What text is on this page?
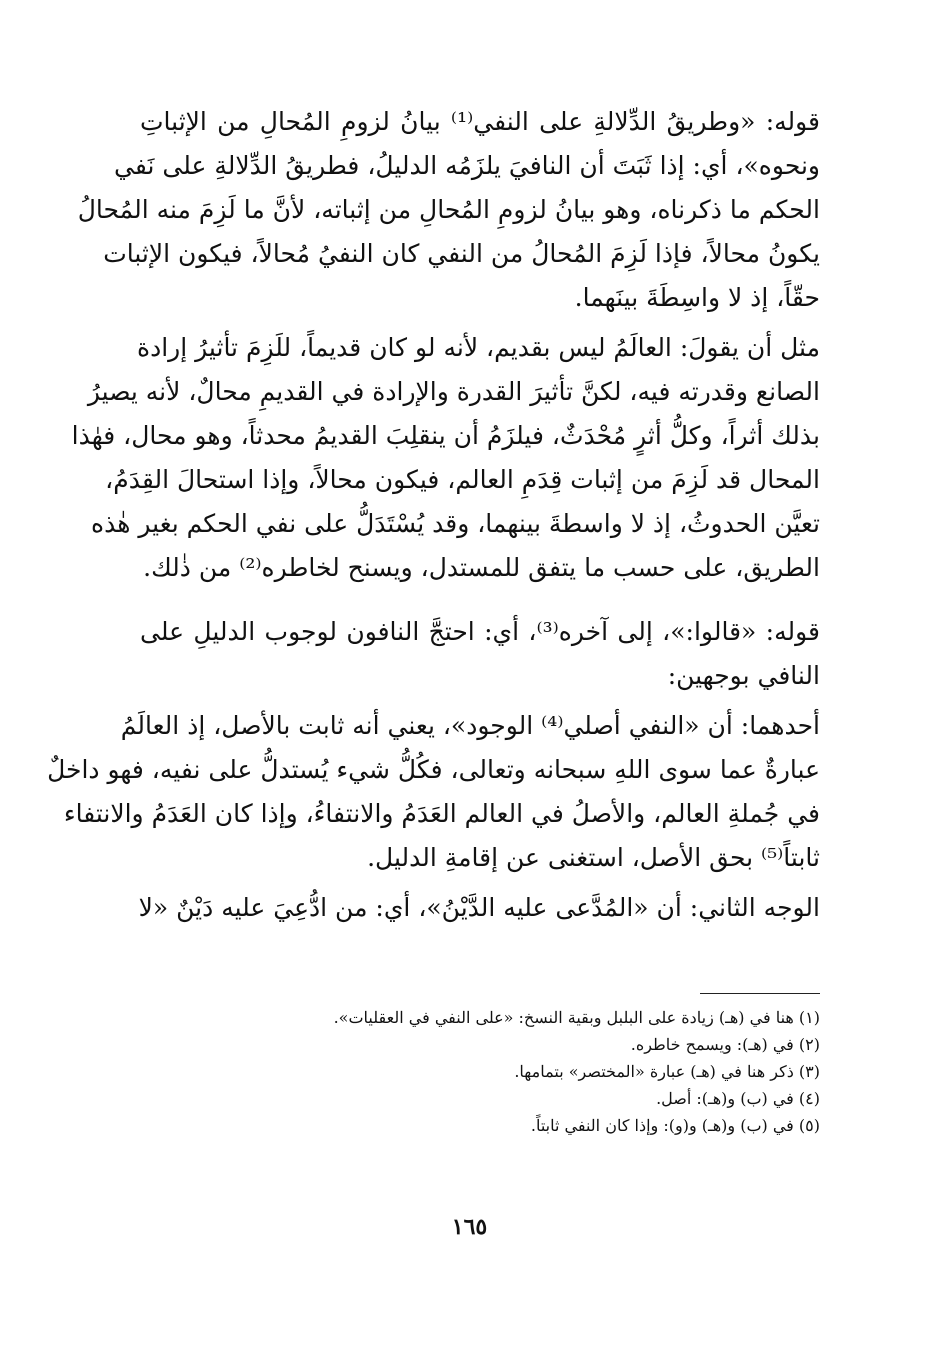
قوله: «وطريقُ الدِّلالةِ على النفي⁽¹⁾ بيانُ لزومِ المُحالِ من الإثباتِ
ونحوه»، أي: إذا ثَبَتَ أن النافيَ يلزَمُه الدليلُ، فطريقُ الدِّلالةِ على نَفي
الحكم ما ذكرناه، وهو بيانُ لزومِ المُحالِ من إثباته، لأنَّ ما لَزِمَ منه المُحالُ
يكونُ محالاً، فإذا لَزِمَ المُحالُ من النفي كان النفيُ مُحالاً، فيكون الإثبات
حقّاً، إذ لا واسِطَةَ بينَهما.

مثل أن يقولَ: العالَمُ ليس بقديم، لأنه لو كان قديماً، للَزِمَ تأثيرُ إرادة
الصانع وقدرته فيه، لكنَّ تأثيرَ القدرة والإرادة في القديمِ محالٌ، لأنه يصيرُ
بذلك أثراً، وكلُّ أثرٍ مُحْدَثٌ، فيلزَمُ أن ينقلِبَ القديمُ محدثاً، وهو محال، فهٰذا
المحال قد لَزِمَ من إثبات قِدَمِ العالم، فيكون محالاً، وإذا استحالَ القِدَمُ،
تعيَّن الحدوثُ، إذ لا واسطةَ بينهما، وقد يُسْتَدَلُّ على نفي الحكم بغير هٰذه
الطريق، على حسب ما يتفق للمستدل، ويسنح لخاطره⁽²⁾ من ذٰلك.

قوله: «قالوا:»، إلى آخره⁽³⁾، أي: احتجَّ النافون لوجوب الدليلِ على
النافي بوجهين:

أحدهما: أن «النفي أصلي⁽⁴⁾ الوجود»، يعني أنه ثابت بالأصل، إذ العالَمُ
عبارةٌ عما سوى اللهِ سبحانه وتعالى، فكُلُّ شيء يُستدلُّ على نفيه، فهو داخلٌ
في جُملةِ العالم، والأصلُ في العالم العَدَمُ والانتفاءُ، وإذا كان العَدَمُ والانتفاء
ثابتاً⁽⁵⁾ بحق الأصل، استغنى عن إقامةِ الدليل.

الوجه الثاني: أن «المُدَّعى عليه الدَّيْنُ»، أي: من ادُّعِيَ عليه دَيْنٌ «لا

(١) هنا في (هـ) زيادة على البلبل وبقية النسخ: «على النفي في العقليات».

(٢) في (هـ): ويسمح خاطره.

(٣) ذكر هنا في (هـ) عبارة «المختصر» بتمامها.

(٤) في (ب) و(هـ): أصل.

(٥) في (ب) و(هـ) و(و): وإذا كان النفي ثابتاً.

١٦٥
